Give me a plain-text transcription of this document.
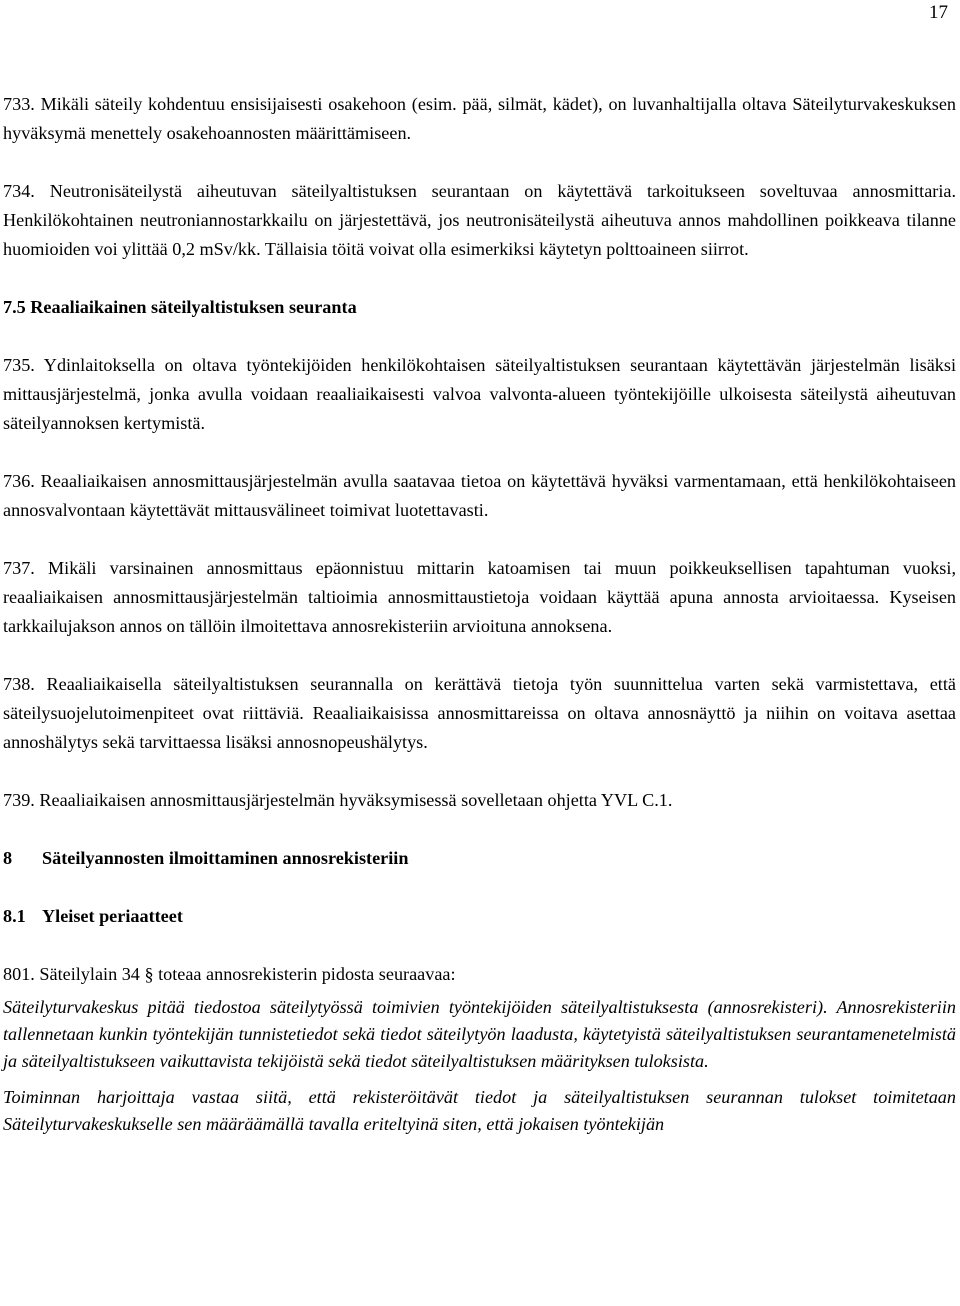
17

733. Mikäli säteily kohdentuu ensisijaisesti osakehoon (esim. pää, silmät, kädet), on luvanhaltijalla oltava Säteilyturvakeskuksen hyväksymä menettely osakehoannosten määrittämiseen.

734. Neutronisäteilystä aiheutuvan säteilyaltistuksen seurantaan on käytettävä tarkoitukseen soveltuvaa annosmittaria. Henkilökohtainen neutroniannostarkkailu on järjestettävä, jos neutronisäteilystä aiheutuva annos mahdollinen poikkeava tilanne huomioiden voi ylittää 0,2 mSv/kk. Tällaisia töitä voivat olla esimerkiksi käytetyn polttoaineen siirrot.

7.5 Reaaliaikainen säteilyaltistuksen seuranta

735. Ydinlaitoksella on oltava työntekijöiden henkilökohtaisen säteilyaltistuksen seurantaan käytettävän järjestelmän lisäksi mittausjärjestelmä, jonka avulla voidaan reaaliaikaisesti valvoa valvonta-alueen työntekijöille ulkoisesta säteilystä aiheutuvan säteilyannoksen kertymistä.

736. Reaaliaikaisen annosmittausjärjestelmän avulla saatavaa tietoa on käytettävä hyväksi varmentamaan, että henkilökohtaiseen annosvalvontaan käytettävät mittausvälineet toimivat luotettavasti.

737. Mikäli varsinainen annosmittaus epäonnistuu mittarin katoamisen tai muun poikkeuksellisen tapahtuman vuoksi, reaaliaikaisen annosmittausjärjestelmän taltioimia annosmittaustietoja voidaan käyttää apuna annosta arvioitaessa. Kyseisen tarkkailujakson annos on tällöin ilmoitettava annosrekisteriin arvioituna annoksena.

738. Reaaliaikaisella säteilyaltistuksen seurannalla on kerättävä tietoja työn suunnittelua varten sekä varmistettava, että säteilysuojelutoimenpiteet ovat riittäviä. Reaaliaikaisissa annosmittareissa on oltava annosnäyttö ja niihin on voitava asettaa annoshälytys sekä tarvittaessa lisäksi annosnopeushälytys.

739. Reaaliaikaisen annosmittausjärjestelmän hyväksymisessä sovelletaan ohjetta YVL C.1.

8 Säteilyannosten ilmoittaminen annosrekisteriin
8.1 Yleiset periaatteet

801. Säteilylain 34 § toteaa annosrekisterin pidosta seuraavaa:

Säteilyturvakeskus pitää tiedostoa säteilytyössä toimivien työntekijöiden säteilyaltistuksesta (annosrekisteri). Annosrekisteriin tallennetaan kunkin työntekijän tunnistetiedot sekä tiedot säteilytyön laadusta, käytetyistä säteilyaltistuksen seurantamenetelmistä ja säteilyaltistukseen vaikuttavista tekijöistä sekä tiedot säteilyaltistuksen määrityksen tuloksista.

Toiminnan harjoittaja vastaa siitä, että rekisteröitävät tiedot ja säteilyaltistuksen seurannan tulokset toimitetaan Säteilyturvakeskukselle sen määräämällä tavalla eriteltyinä siten, että jokaisen työntekijän
